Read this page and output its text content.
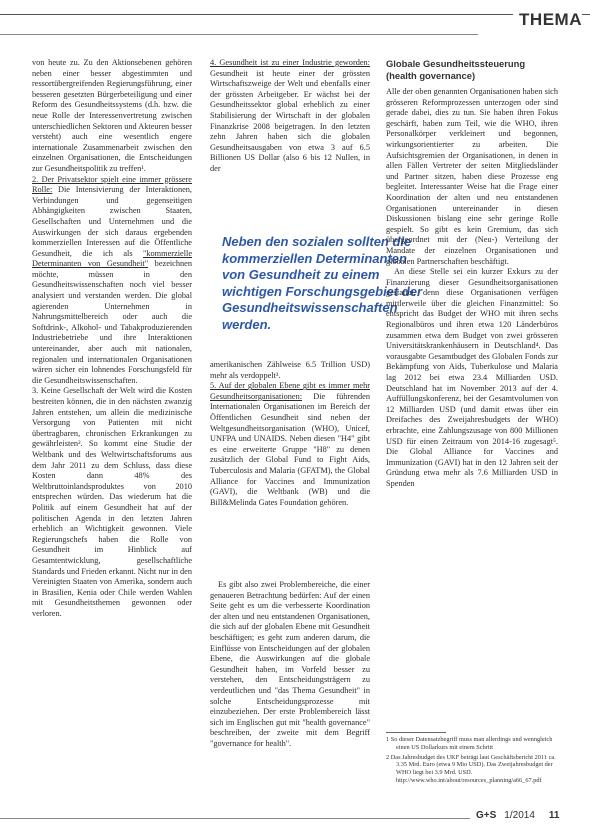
THEMA

von heute zu. Zu den Aktionsebenen gehören neben einer besser abgestimmten und ressortübergreifenden Regierungsführung, einer besseren gesetzten Bürgerbeteiligung und einer Reform des Gesundheitssystems (d.h. bzw. die neue Rolle der Interessenvertretung zwischen unterschiedlichen Sektoren und Akteuren besser versteht) auch eine wesentlich engere internationale Zusammenarbeit zwischen den einzelnen Organisationen, die Entscheidungen zur Gesundheitspolitik zu treffen¹.

2. Der Privatsektor spielt eine immer grössere Rolle: Die Intensivierung der Interaktionen, Verbindungen und gegenseitigen Abhängigkeiten zwischen Staaten, Gesellschaften und Unternehmen und die Auswirkungen der sich daraus ergebenden kommerziellen Interessen auf die Öffentliche Gesundheit, die ich als "kommerzielle Determinanten von Gesundheit" bezeichnen möchte, müssen in den Gesundheitswissenschaften noch viel besser analysiert und verstanden werden. Die global agierenden Unternehmen in Nahrungsmittelbereich oder auch die Softdrink-, Alkohol- und Tabakproduzierenden Industriebetriebe und ihre Interaktionen untereinander, aber auch mit nationalen, regionalen und internationalen Organisationen wären sicher ein lohnendes Forschungsfeld für die Gesundheitswissenschaften.

3. Keine Gesellschaft der Welt wird die Kosten bestreiten können, die in den nächsten zwanzig Jahren entstehen, um allein die medizinische Versorgung von Patienten mit nicht übertragbaren, chronischen Erkrankungen zu gewährleisten². So kommt eine Studie der Weltbank und des Weltwirtschaftsforums aus dem Jahr 2011 zu dem Schluss, dass diese Kosten dann 48% des Weltbruttoinlandsproduktes von 2010 entsprechen würden. Das wiederum hat die Politik auf einem Gesundheit hat auf der politischen Agenda in den letzten Jahren erheblich an Wichtigkeit gewonnen. Viele Regierungschefs haben die Rolle von Gesundheit im Hinblick auf Gesamtentwicklung, gesellschaftliche Standards und Frieden erkannt. Nicht nur in den Vereinigten Staaten von Amerika, sondern auch in Brasilien, Kenia oder Chile werden Wahlen mit Gesundheitsthemen gewonnen oder verloren.

4. Gesundheit ist zu einer Industrie geworden: Gesundheit ist heute einer der grössten Wirtschaftszweige der Welt und ebenfalls einer der grössten Arbeitgeber. Er wächst bei der Gesundheitssektor global erheblich zu einer Stabilisierung der Wirtschaft in der globalen Finanzkrise 2008 beigetragen. In den letzten zehn Jahren haben sich die globalen Gesundheitsausgaben von etwa 3 auf 6.5 Billionen US Dollar (also 6 bis 12 Nullen, in der

Neben den sozialen sollten die kommerziellen Determinanten von Gesundheit zu einem wichtigen Forschungsgebiet der Gesundheitswissenschaften werden.

amerikanischen Zählweise 6.5 Trillion USD) mehr als verdoppelt³.

5. Auf der globalen Ebene gibt es immer mehr Gesundheitsorganisationen: Die führenden Internationalen Organisationen im Bereich der Öffentlichen Gesundheit sind neben der Weltgesundheitsorganisation (WHO), Unicef, UNFPA und UNAIDS. Neben diesen "H4" gibt es eine erweiterte Gruppe "H8" zu denen zusätzlich der Global Fund to Fight Aids, Tuberculosis and Malaria (GFATM), the Global Alliance for Vaccines and Immunization (GAVI), die Weltbank (WB) und die Bill&Melinda Gates Foundation gehören.

Es gibt also zwei Problembereiche, die einer genaueren Betrachtung bedürfen: Auf der einen Seite geht es um die verbesserte Koordination der alten und neu entstandenen Organisationen, die sich auf der globalen Ebene mit Gesundheit beschäftigen; es geht zum anderen darum, die Einflüsse von Entscheidungen auf der globalen Ebene, die Auswirkungen auf die globale Gesundheit haben, im Vorfeld besser zu verstehen, den Entscheidungsträgern zu verdeutlichen und "das Thema Gesundheit" in solche Entscheidungsprozesse mit einzubeziehen. Der erste Problembereich lässt sich im Englischen gut mit "health governance" beschreiben, der zweite mit dem Begriff "governance for health".

Globale Gesundheitssteuerung (health governance)

Alle der oben genannten Organisationen haben sich grösseren Reformprozessen unterzogen oder sind gerade dabei, dies zu tun. Sie haben ihren Fokus geschärft, haben zum Teil, wie die WHO, ihren Personalkörper verkleinert und begonnen, wirkungsorientierter zu arbeiten. Die Aufsichtsgremien der Organisationen, in denen in allen Fällen Vertreter der seiten Mitgliedsländer und Partner sitzen, haben diese Prozesse eng begleitet. Interessanter Weise hat die Frage einer Koordination der alten und neu entstandenen Organisationen untereinander in diesen Diskussionen bislang eine sehr geringe Rolle gespielt. So gibt es kein Gremium, das sich übergeordnet mit der (Neu-) Verteilung der Mandate der einzelnen Organisationen und globalen Partnerschaften beschäftigt.

An diese Stelle sei ein kurzer Exkurs zu der Finanzierung dieser Gesundheitsorganisationen gestattet, denn diese Organisationen verfügen mittlerweile über die gleichen Finanzmittel: So entspricht das Budget der WHO mit ihren sechs Regionalbüros und ihren etwa 120 Länderbüros zusammen etwa dem Budget von zwei grösseren Universitätskrankenhäusern in Deutschland⁴. Das vorausgabte Gesamtbudget des Globalen Fonds zur Bekämpfung von Aids, Tuberkulose und Malaria lag 2012 bei etwa 23.4 Milliarden USD. Deutschland hat im November 2013 auf der 4. Auffüllungskonferenz, bei der Gesamtvolumen von 12 Milliarden USD (und damit etwas über ein Dreifaches des Zweijahresbudgets der WHO) erbrachte, eine Zahlungszusage von 800 Millionen USD für einen Zeitraum von 2014-16 zugesagt⁵. Die Global Alliance for Vaccines and Immunization (GAVI) hat in den 12 Jahren seit der Gründung etwa mehr als 7.6 Milliarden USD in Spenden

1 So dieser Datensatzbegriff muss man allerdings und wenngleich einen US Dollarkurs mit einem Schritt
2 Das Jahresbudget des UKF beträgt laut Geschäftsbericht 2011 ca. 3.35 Mrd. Euro (etwa 9 Mio USD). Das Zweijahresbudget der WHO liegt bei 3.9 Mrd. USD. http://www.who.int/about/resources_planning/a66_67.pdf
G+S 1/2014 11
